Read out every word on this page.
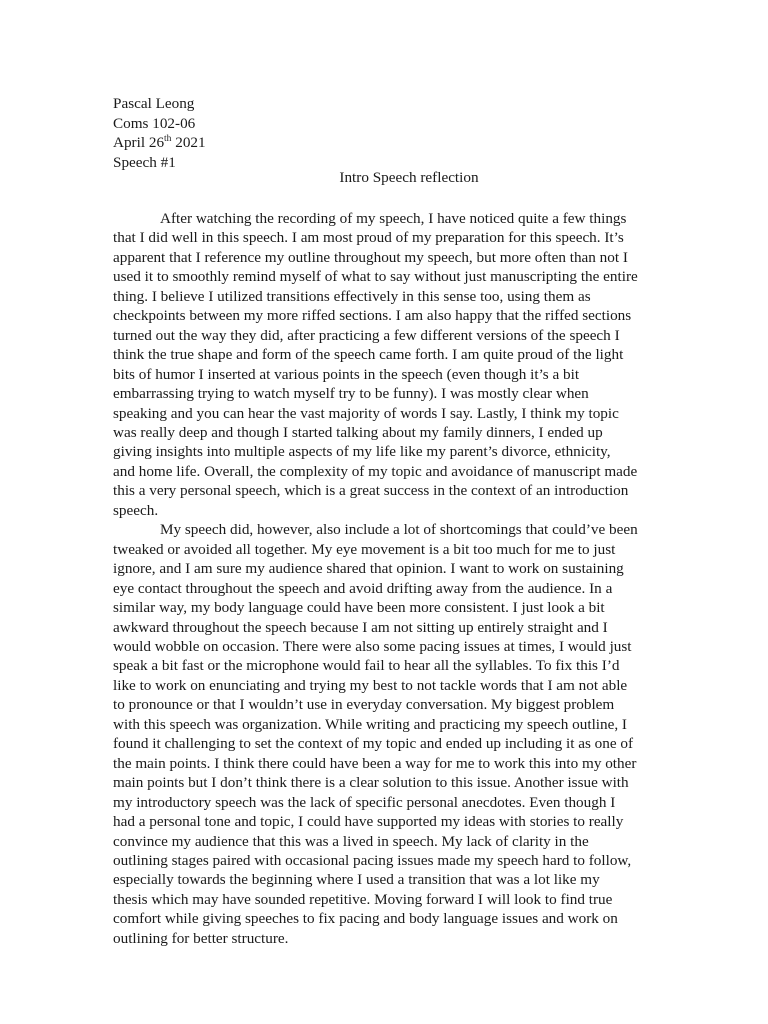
Pascal Leong
Coms 102-06
April 26th 2021
Speech #1
Intro Speech reflection
After watching the recording of my speech, I have noticed quite a few things
that I did well in this speech. I am most proud of my preparation for this speech. It’s
apparent that I reference my outline throughout my speech, but more often than not I
used it to smoothly remind myself of what to say without just manuscripting the entire
thing. I believe I utilized transitions effectively in this sense too, using them as
checkpoints between my more riffed sections. I am also happy that the riffed sections
turned out the way they did, after practicing a few different versions of the speech I
think the true shape and form of the speech came forth. I am quite proud of the light
bits of humor I inserted at various points in the speech (even though it’s a bit
embarrassing trying to watch myself try to be funny). I was mostly clear when
speaking and you can hear the vast majority of words I say. Lastly, I think my topic
was really deep and though I started talking about my family dinners, I ended up
giving insights into multiple aspects of my life like my parent’s divorce, ethnicity,
and home life. Overall, the complexity of my topic and avoidance of manuscript made
this a very personal speech, which is a great success in the context of an introduction
speech.
My speech did, however, also include a lot of shortcomings that could’ve been
tweaked or avoided all together. My eye movement is a bit too much for me to just
ignore, and I am sure my audience shared that opinion. I want to work on sustaining
eye contact throughout the speech and avoid drifting away from the audience. In a
similar way, my body language could have been more consistent. I just look a bit
awkward throughout the speech because I am not sitting up entirely straight and I
would wobble on occasion. There were also some pacing issues at times, I would just
speak a bit fast or the microphone would fail to hear all the syllables. To fix this I’d
like to work on enunciating and trying my best to not tackle words that I am not able
to pronounce or that I wouldn’t use in everyday conversation. My biggest problem
with this speech was organization. While writing and practicing my speech outline, I
found it challenging to set the context of my topic and ended up including it as one of
the main points. I think there could have been a way for me to work this into my other
main points but I don’t think there is a clear solution to this issue. Another issue with
my introductory speech was the lack of specific personal anecdotes. Even though I
had a personal tone and topic, I could have supported my ideas with stories to really
convince my audience that this was a lived in speech. My lack of clarity in the
outlining stages paired with occasional pacing issues made my speech hard to follow,
especially towards the beginning where I used a transition that was a lot like my
thesis which may have sounded repetitive. Moving forward I will look to find true
comfort while giving speeches to fix pacing and body language issues and work on
outlining for better structure.
